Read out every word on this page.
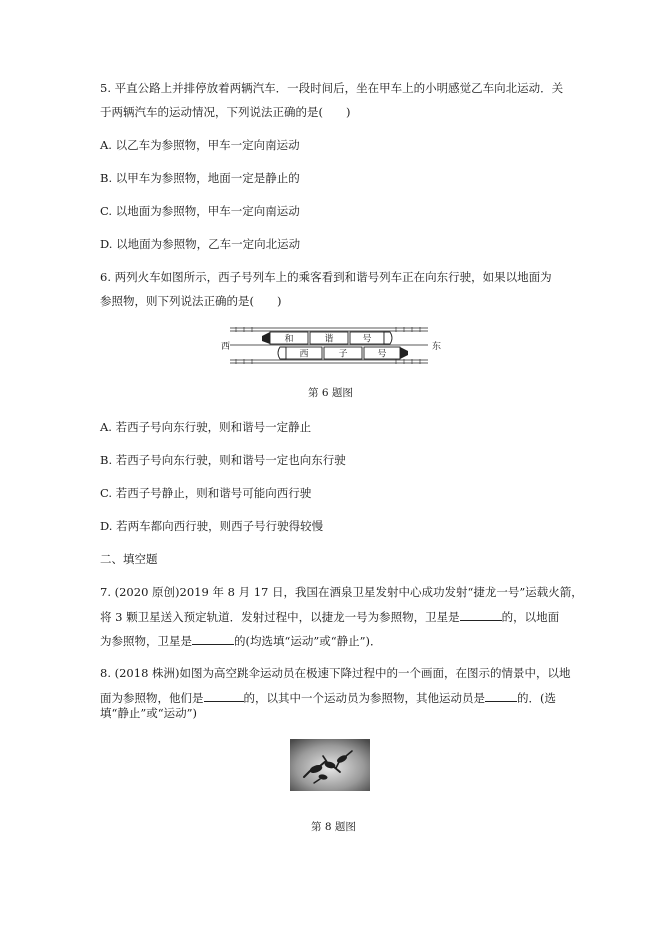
5. 平直公路上并排停放着两辆汽车．一段时间后，坐在甲车上的小明感觉乙车向北运动．关
于两辆汽车的运动情况，下列说法正确的是(　　)
A. 以乙车为参照物，甲车一定向南运动
B. 以甲车为参照物，地面一定是静止的
C. 以地面为参照物，甲车一定向南运动
D. 以地面为参照物，乙车一定向北运动
6. 两列火车如图所示，西子号列车上的乘客看到和谐号列车正在向东行驶，如果以地面为
参照物，则下列说法正确的是(　　)
和	谐	号
西	子	号
西	东
第 6 题图
A. 若西子号向东行驶，则和谐号一定静止
B. 若西子号向东行驶，则和谐号一定也向东行驶
C. 若西子号静止，则和谐号可能向西行驶
D. 若两车都向西行驶，则西子号行驶得较慢
二、填空题
7. (2020 原创)2019 年 8 月 17 日，我国在酒泉卫星发射中心成功发射“捷龙一号”运载火箭，
将 3 颗卫星送入预定轨道．发射过程中，以捷龙一号为参照物，卫星是	的，以地面
为参照物，卫星是	的(均选填“运动”或“静止”)．
8. (2018 株洲)如图为高空跳伞运动员在极速下降过程中的一个画面，在图示的情景中，以地
面为参照物，他们是	的，以其中一个运动员为参照物，其他运动员是	的．(选
填“静止”或“运动”)
第 8 题图
